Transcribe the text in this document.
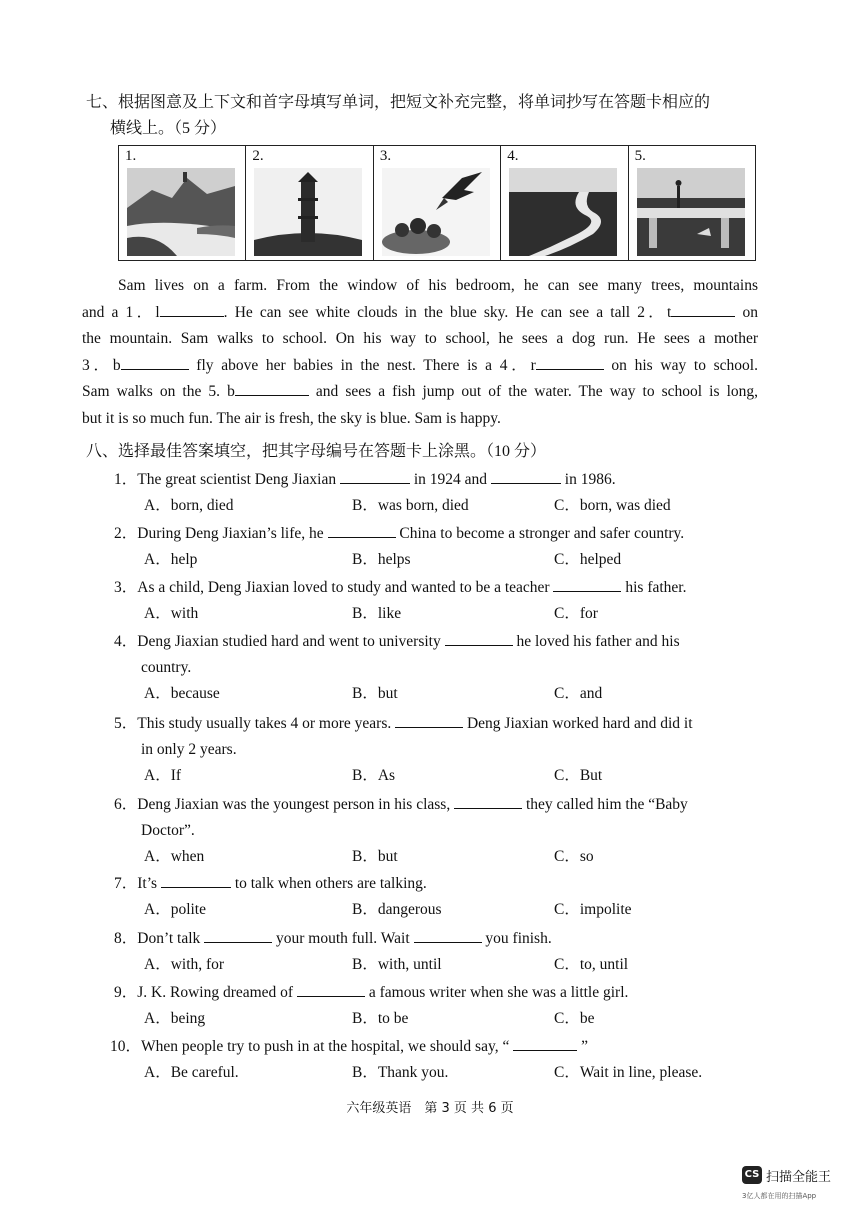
七、根据图意及上下文和首字母填写单词，把短文补充完整，将单词抄写在答题卡相应的
横线上。（5 分）
1.	2.	3.	4.	5.
Sam lives on a farm. From the window of his bedroom, he can see many trees, mountains
and a 1．l	. He can see white clouds in the blue sky. He can see a tall 2．t	on
the mountain. Sam walks to school. On his way to school, he sees a dog run. He sees a mother
3．b	fly above her babies in the nest. There is a 4．r	on his way to school.
Sam walks on the 5. b	and sees a fish jump out of the water. The way to school is long,
but it is so much fun. The air is fresh, the sky is blue. Sam is happy.
八、选择最佳答案填空，把其字母编号在答题卡上涂黑。（10 分）
1．The great scientist Deng Jiaxian	in 1924 and	in 1986.
A．born, died	B．was born, died	C．born, was died
2．During Deng Jiaxian’s life, he	China to become a stronger and safer country.
A．help	B．helps	C．helped
3．As a child, Deng Jiaxian loved to study and wanted to be a teacher	his father.
A．with	B．like	C．for
4．Deng Jiaxian studied hard and went to university	he loved his father and his
country.
A．because	B．but	C．and
5．This study usually takes 4 or more years.	Deng Jiaxian worked hard and did it
in only 2 years.
A．If	B．As	C．But
6．Deng Jiaxian was the youngest person in his class,	they called him the “Baby
Doctor”.
A．when	B．but	C．so
7．It’s	to talk when others are talking.
A．polite	B．dangerous	C．impolite
8．Don’t talk	your mouth full. Wait	you finish.
A．with, for	B．with, until	C．to, until
9．J. K. Rowing dreamed of	a famous writer when she was a little girl.
A．being	B．to be	C．be
10．When people try to push in at the hospital, we should say, “	”
A．Be careful.	B．Thank you.	C．Wait in line, please.
六年级英语　第 3 页 共 6 页
CS 扫描全能王
3亿人都在用的扫描App
